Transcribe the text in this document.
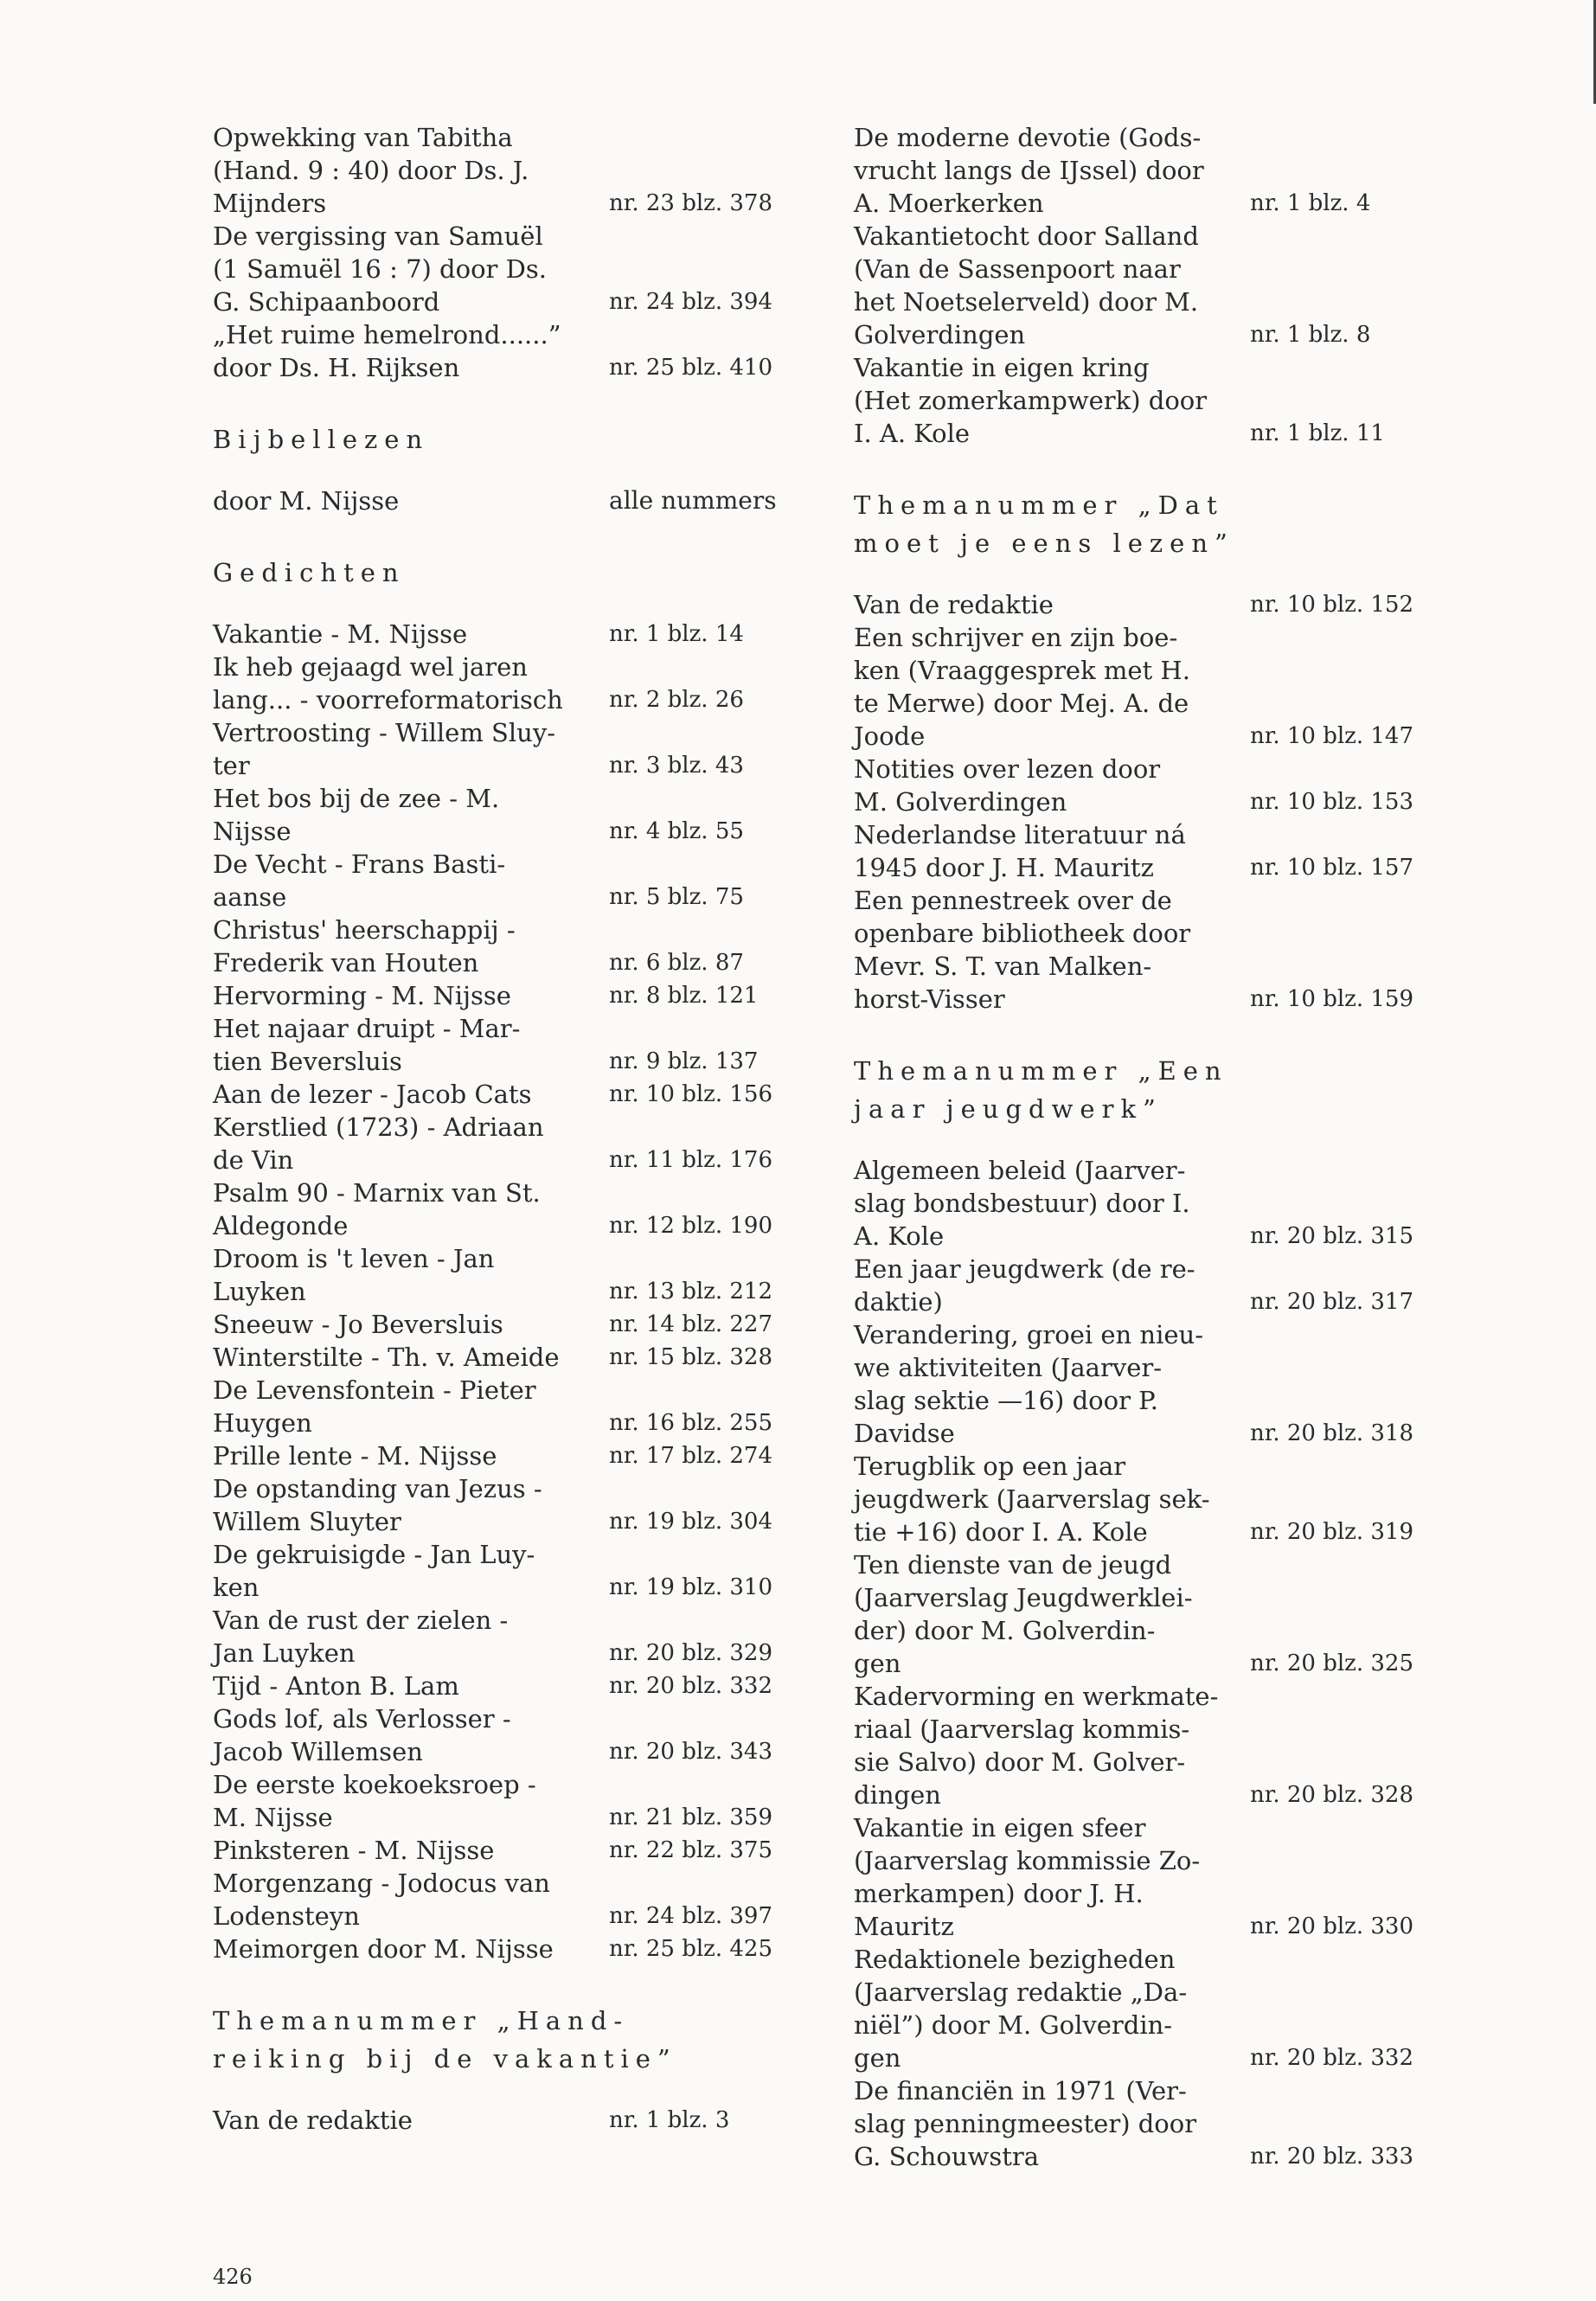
Opwekking van Tabitha
(Hand. 9 : 40) door Ds. J.
Mijnders	nr. 23 blz. 378
De vergissing van Samuël
(1 Samuël 16 : 7) door Ds.
G. Schipaanboord	nr. 24 blz. 394
„Het ruime hemelrond......”
door Ds. H. Rijksen	nr. 25 blz. 410
Bijbellezen
door M. Nijsse	alle nummers
Gedichten
Vakantie - M. Nijsse	nr. 1 blz. 14
Ik heb gejaagd wel jaren
lang... - voorreformatorisch	nr. 2 blz. 26
Vertroosting - Willem Sluy-
ter	nr. 3 blz. 43
Het bos bij de zee - M.
Nijsse	nr. 4 blz. 55
De Vecht - Frans Basti-
aanse	nr. 5 blz. 75
Christus' heerschappij -
Frederik van Houten	nr. 6 blz. 87
Hervorming - M. Nijsse	nr. 8 blz. 121
Het najaar druipt - Mar-
tien Beversluis	nr. 9 blz. 137
Aan de lezer - Jacob Cats	nr. 10 blz. 156
Kerstlied (1723) - Adriaan
de Vin	nr. 11 blz. 176
Psalm 90 - Marnix van St.
Aldegonde	nr. 12 blz. 190
Droom is 't leven - Jan
Luyken	nr. 13 blz. 212
Sneeuw - Jo Beversluis	nr. 14 blz. 227
Winterstilte - Th. v. Ameide	nr. 15 blz. 328
De Levensfontein - Pieter
Huygen	nr. 16 blz. 255
Prille lente - M. Nijsse	nr. 17 blz. 274
De opstanding van Jezus -
Willem Sluyter	nr. 19 blz. 304
De gekruisigde - Jan Luy-
ken	nr. 19 blz. 310
Van de rust der zielen -
Jan Luyken	nr. 20 blz. 329
Tijd - Anton B. Lam	nr. 20 blz. 332
Gods lof, als Verlosser -
Jacob Willemsen	nr. 20 blz. 343
De eerste koekoeksroep -
M. Nijsse	nr. 21 blz. 359
Pinksteren - M. Nijsse	nr. 22 blz. 375
Morgenzang - Jodocus van
Lodensteyn	nr. 24 blz. 397
Meimorgen door M. Nijsse	nr. 25 blz. 425
Themanummer „Hand-
reiking bij de vakantie”
Van de redaktie	nr. 1 blz. 3
De moderne devotie (Gods-
vrucht langs de IJssel) door
A. Moerkerken	nr. 1 blz. 4
Vakantietocht door Salland
(Van de Sassenpoort naar
het Noetselerveld) door M.
Golverdingen	nr. 1 blz. 8
Vakantie in eigen kring
(Het zomerkampwerk) door
I. A. Kole	nr. 1 blz. 11
Themanummer „Dat
moet je eens lezen”
Van de redaktie	nr. 10 blz. 152
Een schrijver en zijn boe-
ken (Vraaggesprek met H.
te Merwe) door Mej. A. de
Joode	nr. 10 blz. 147
Notities over lezen door
M. Golverdingen	nr. 10 blz. 153
Nederlandse literatuur ná
1945 door J. H. Mauritz	nr. 10 blz. 157
Een pennestreek over de
openbare bibliotheek door
Mevr. S. T. van Malken-
horst-Visser	nr. 10 blz. 159
Themanummer „Een
jaar jeugdwerk”
Algemeen beleid (Jaarver-
slag bondsbestuur) door I.
A. Kole	nr. 20 blz. 315
Een jaar jeugdwerk (de re-
daktie)	nr. 20 blz. 317
Verandering, groei en nieu-
we aktiviteiten (Jaarver-
slag sektie —16) door P.
Davidse	nr. 20 blz. 318
Terugblik op een jaar
jeugdwerk (Jaarverslag sek-
tie +16) door I. A. Kole	nr. 20 blz. 319
Ten dienste van de jeugd
(Jaarverslag Jeugdwerklei-
der) door M. Golverdin-
gen	nr. 20 blz. 325
Kadervorming en werkmate-
riaal (Jaarverslag kommis-
sie Salvo) door M. Golver-
dingen	nr. 20 blz. 328
Vakantie in eigen sfeer
(Jaarverslag kommissie Zo-
merkampen) door J. H.
Mauritz	nr. 20 blz. 330
Redaktionele bezigheden
(Jaarverslag redaktie „Da-
niël”) door M. Golverdin-
gen	nr. 20 blz. 332
De financiën in 1971 (Ver-
slag penningmeester) door
G. Schouwstra	nr. 20 blz. 333
426
